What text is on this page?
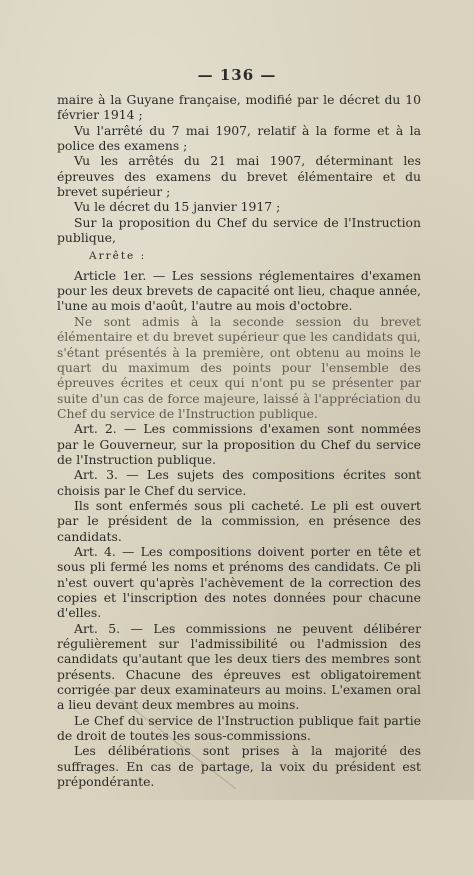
— 136 —

maire à la Guyane française, modifié par le décret du 10 février 1914 ;

Vu l'arrêté du 7 mai 1907, relatif à la forme et à la police des examens ;

Vu les arrêtés du 21 mai 1907, déterminant les épreuves des examens du brevet élémentaire et du brevet supérieur ;

Vu le décret du 15 janvier 1917 ;

Sur la proposition du Chef du service de l'Instruction publique,

Arrête :

Article 1er. — Les sessions réglementaires d'examen pour les deux brevets de capacité ont lieu, chaque année, l'une au mois d'août, l'autre au mois d'octobre.

Ne sont admis à la seconde session du brevet élémentaire et du brevet supérieur que les candidats qui, s'étant présentés à la première, ont obtenu au moins le quart du maximum des points pour l'ensemble des épreuves écrites et ceux qui n'ont pu se présenter par suite d'un cas de force majeure, laissé à l'appréciation du Chef du service de l'Instruction publique.

Art. 2. — Les commissions d'examen sont nommées par le Gouverneur, sur la proposition du Chef du service de l'Instruction publique.

Art. 3. — Les sujets des compositions écrites sont choisis par le Chef du service.

Ils sont enfermés sous pli cacheté. Le pli est ouvert par le président de la commission, en présence des candidats.

Art. 4. — Les compositions doivent porter en tête et sous pli fermé les noms et prénoms des candidats. Ce pli n'est ouvert qu'après l'achèvement de la correction des copies et l'inscription des notes données pour chacune d'elles.

Art. 5. — Les commissions ne peuvent délibérer régulièrement sur l'admissibilité ou l'admission des candidats qu'autant que les deux tiers des membres sont présents. Chacune des épreuves est obligatoirement corrigée par deux examinateurs au moins. L'examen oral a lieu devant deux membres au moins.

Le Chef du service de l'Instruction publique fait partie de droit de toutes les sous-commissions.

Les délibérations sont prises à la majorité des suffrages. En cas de partage, la voix du président est prépondérante.
